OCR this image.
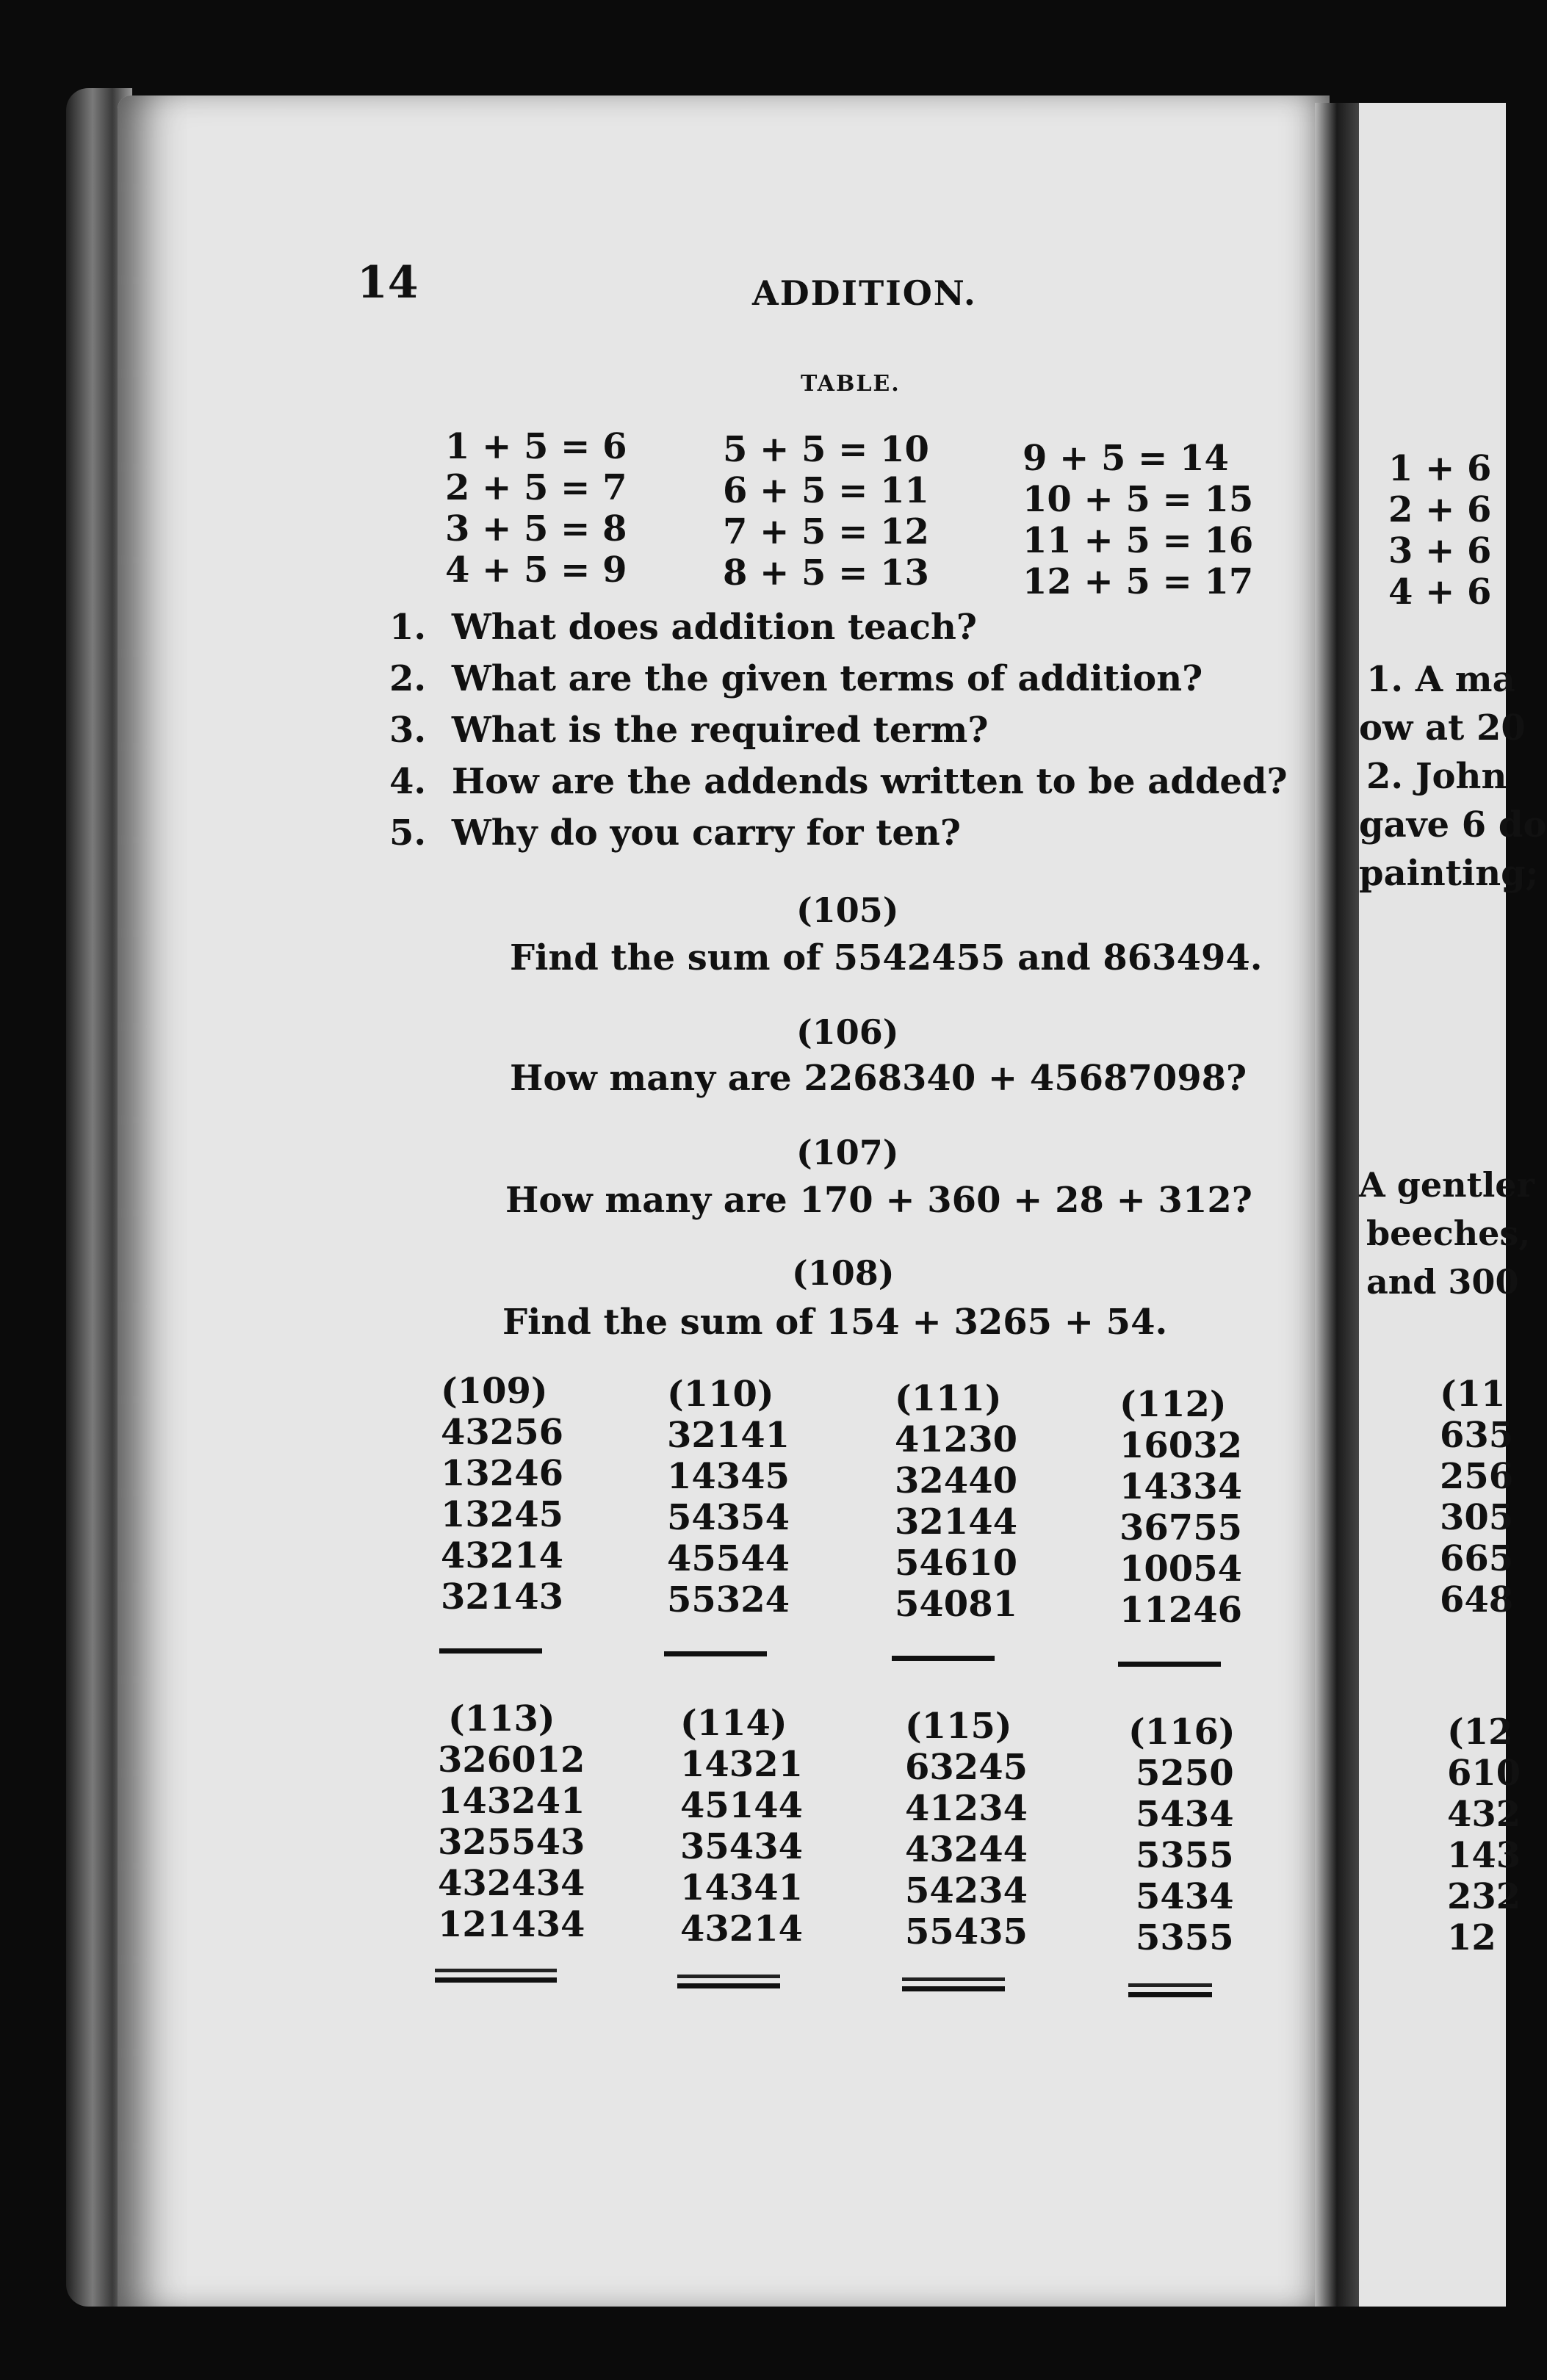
14	ADDITION.
TABLE.
1 + 5 = 6
2 + 5 = 7
3 + 5 = 8
4 + 5 = 9
5 + 5 = 10
6 + 5 = 11
7 + 5 = 12
8 + 5 = 13
9 + 5 = 14
10 + 5 = 15
11 + 5 = 16
12 + 5 = 17
1. What does addition teach?
2. What are the given terms of addition?
3. What is the required term?
4. How are the addends written to be added?
5. Why do you carry for ten?
(105)
Find the sum of 5542455 and 863494.
(106)
How many are 2268340 + 45687098?
(107)
How many are 170 + 360 + 28 + 312?
(108)
Find the sum of 154 + 3265 + 54.
(109)
43256
13246
13245
43214
32143
(110)
32141
14345
54354
45544
55324
(111)
41230
32440
32144
54610
54081
(112)
16032
14334
36755
10054
11246
(113)
326012
143241
325543
432434
121434
(114)
14321
45144
35434
14341
43214
(115)
63245
41234
43244
54234
55435
(116)
5250
5434
5355
5434
5355
1 + 6
2 + 6
3 + 6
4 + 6
1. A ma
ow at 20
2. John
gave 6 do
painting;
A gentler
beeches,
and 300
(11
635
256
305
665
648
(12
610
432
143
232
12
